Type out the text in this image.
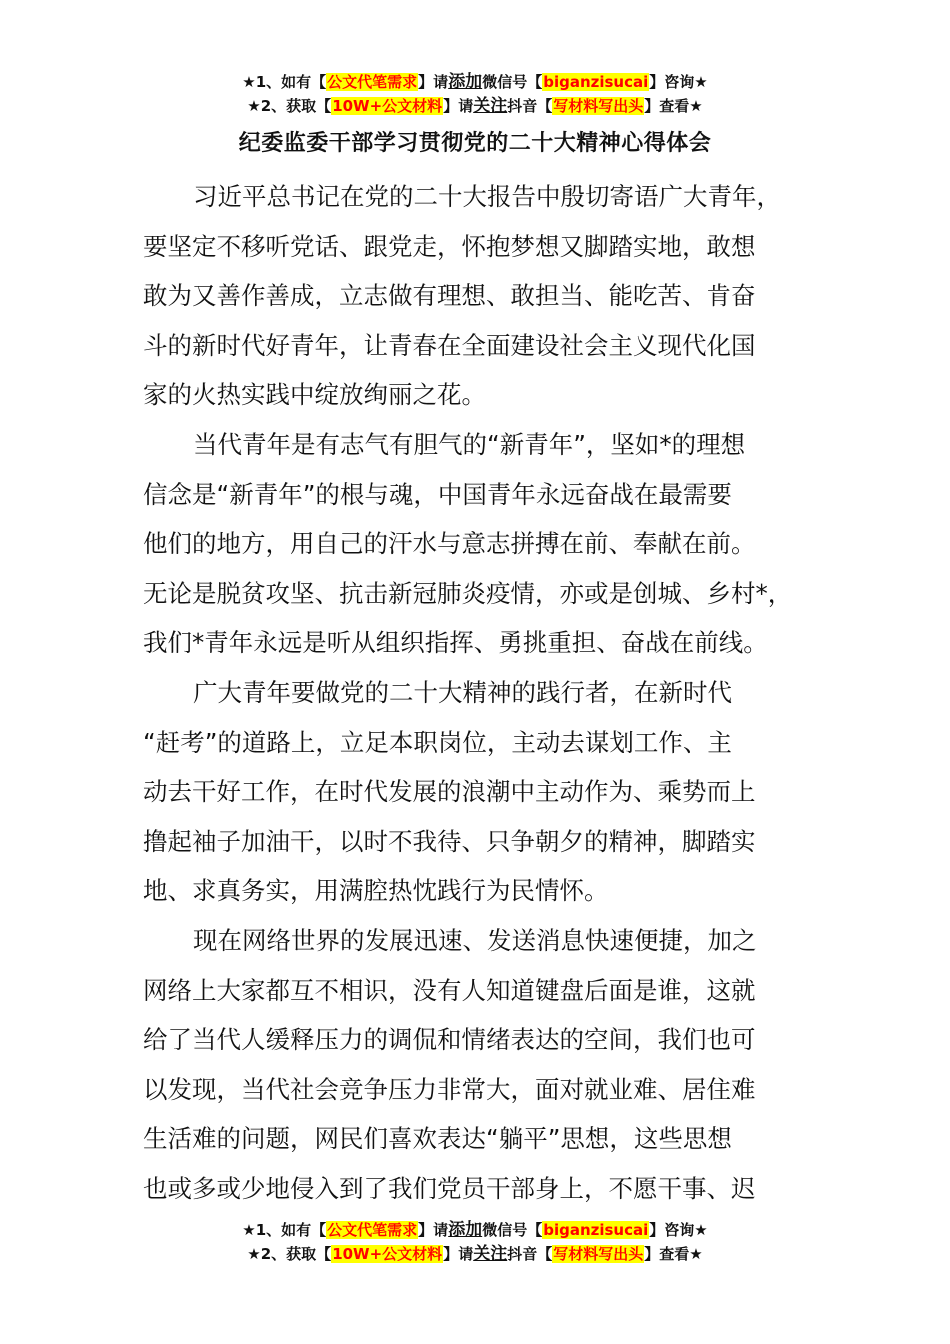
★1、如有【公文代笔需求】请添加微信号【biganzisucai】咨询★
★2、获取【10W+公文材料】请关注抖音【写材料写出头】查看★
纪委监委干部学习贯彻党的二十大精神心得体会
习近平总书记在党的二十大报告中殷切寄语广大青年，
要坚定不移听党话、跟党走，怀抱梦想又脚踏实地，敢想
敢为又善作善成，立志做有理想、敢担当、能吃苦、肯奋
斗的新时代好青年，让青春在全面建设社会主义现代化国
家的火热实践中绽放绚丽之花。
当代青年是有志气有胆气的“新青年”，坚如*的理想
信念是“新青年”的根与魂，中国青年永远奋战在最需要
他们的地方，用自己的汗水与意志拼搏在前、奉献在前。
无论是脱贫攻坚、抗击新冠肺炎疫情，亦或是创城、乡村*，
我们*青年永远是听从组织指挥、勇挑重担、奋战在前线。
广大青年要做党的二十大精神的践行者，在新时代
“赶考”的道路上，立足本职岗位，主动去谋划工作、主
动去干好工作，在时代发展的浪潮中主动作为、乘势而上
撸起袖子加油干，以时不我待、只争朝夕的精神，脚踏实
地、求真务实，用满腔热忱践行为民情怀。
现在网络世界的发展迅速、发送消息快速便捷，加之
网络上大家都互不相识，没有人知道键盘后面是谁，这就
给了当代人缓释压力的调侃和情绪表达的空间，我们也可
以发现，当代社会竞争压力非常大，面对就业难、居住难
生活难的问题，网民们喜欢表达“躺平”思想，这些思想
也或多或少地侵入到了我们党员干部身上，不愿干事、迟
★1、如有【公文代笔需求】请添加微信号【biganzisucai】咨询★
★2、获取【10W+公文材料】请关注抖音【写材料写出头】查看★
